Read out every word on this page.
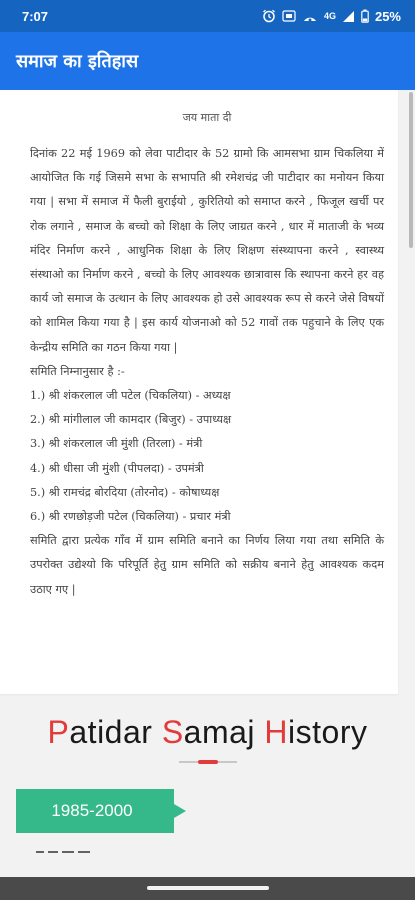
7:07	4G	25%
समाज का इतिहास
जय माता दी

दिनांक 22 मई 1969 को लेवा पाटीदार के 52 ग्रामो कि आमसभा ग्राम चिकलिया में आयोजित कि गई जिसमे सभा के सभापति श्री रमेशचंद्र जी पाटीदार का मनोयन किया गया | सभा में समाज में फैली बुराईयो , कुरितियो को समाप्त करने , फिजूल खर्ची पर रोक लगाने , समाज के बच्चो को शिक्षा के लिए जाग्रत करने , धार में माताजी के भव्य मंदिर निर्माण करने , आधुनिक शिक्षा के लिए शिक्षण संस्थ्यापना करने , स्वास्थ्य संस्थाओ का निर्माण करने , बच्चो के लिए आवश्यक छात्रावास कि स्थापना करने हर वह कार्य जो समाज के उत्थान के लिए आवश्यक हो उसे आवश्यक रूप से करने जेसे विषयों को शामिल किया गया है | इस कार्य योजनाओ को 52 गावों तक पहुचाने के लिए एक केन्द्रीय समिति का गठन किया गया |

समिति निम्नानुसार है :-
1.) श्री शंकरलाल जी पटेल (चिकलिया) - अध्यक्ष
2.) श्री मांगीलाल जी कामदार (बिजुर) - उपाध्यक्ष
3.) श्री शंकरलाल जी मुंशी (तिरला) - मंत्री
4.) श्री धीसा जी मुंशी (पीपलदा) - उपमंत्री
5.) श्री रामचंद्र बोरदिया (तोरनोद) - कोषाध्यक्ष
6.) श्री रणछोड़जी पटेल (चिकलिया) - प्रचार मंत्री

समिति द्वारा प्रत्येक गाँव में ग्राम समिति बनाने का निर्णय लिया गया तथा समिति के उपरोक्त उद्येश्यो कि परिपूर्ति हेतु ग्राम समिति को सक्रीय बनाने हेतु आवश्यक कदम उठाए गए |

Patidar Samaj History
1985-2000
